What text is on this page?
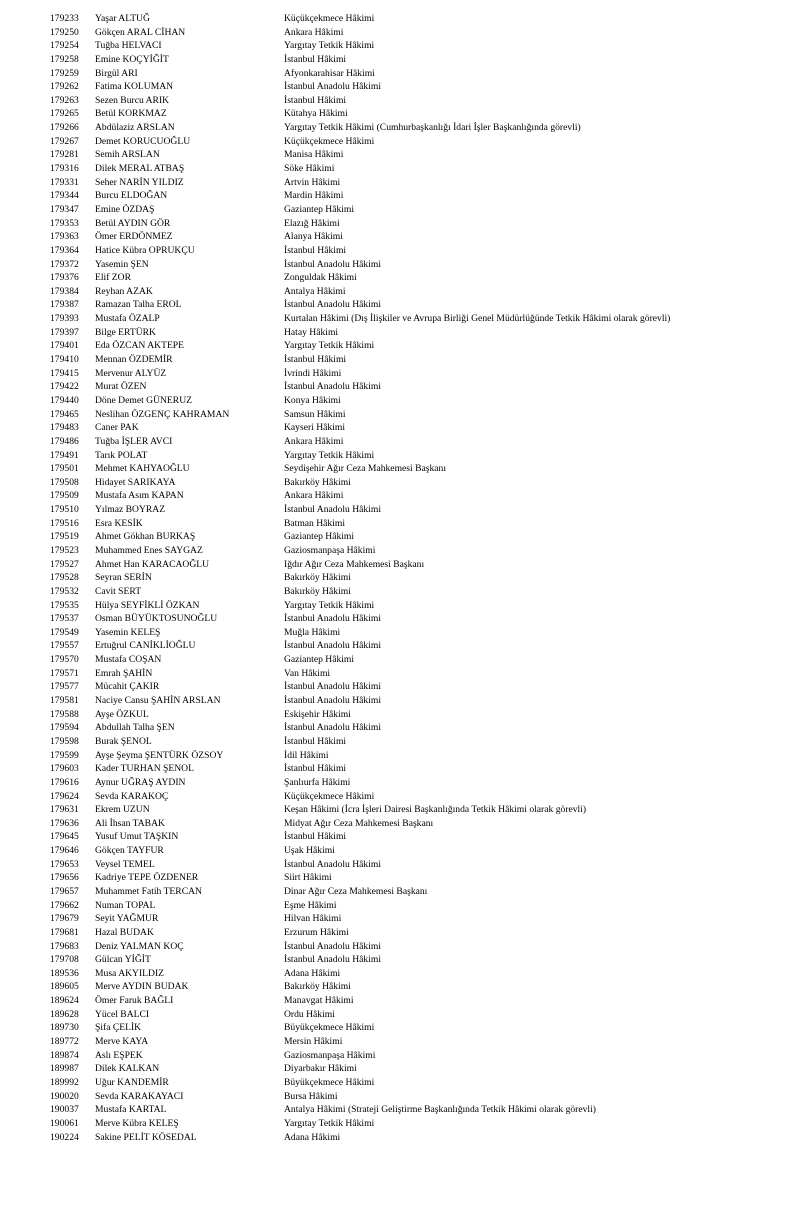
179233 Yaşar ALTUĞ	Küçükçekmece Hâkimi
179250 Gökçen ARAL CİHAN	Ankara Hâkimi
179254 Tuğba HELVACI	Yargıtay Tetkik Hâkimi
179258 Emine KOÇYİĞİT	İstanbul Hâkimi
179259 Birgül ARI	Afyonkarahisar Hâkimi
179262 Fatima KOLUMAN	İstanbul Anadolu Hâkimi
179263 Sezen Burcu ARIK	İstanbul Hâkimi
179265 Betül KORKMAZ	Kütahya Hâkimi
179266 Abdülaziz ARSLAN	Yargıtay Tetkik Hâkimi (Cumhurbaşkanlığı İdari İşler Başkanlığında görevli)
179267 Demet KORUCUOĞLU	Küçükçekmece Hâkimi
179281 Semih ARSLAN	Manisa Hâkimi
179316 Dilek MERAL ATBAŞ	Söke Hâkimi
179331 Seher NARİN YILDIZ	Artvin Hâkimi
179344 Burcu ELDOĞAN	Mardin Hâkimi
179347 Emine ÖZDAŞ	Gaziantep Hâkimi
179353 Betül AYDIN GÖR	Elazığ Hâkimi
179363 Ömer ERDÖNMEZ	Alanya Hâkimi
179364 Hatice Kübra OPRUKÇU	İstanbul Hâkimi
179372 Yasemin ŞEN	İstanbul Anadolu Hâkimi
179376 Elif ZOR	Zonguldak Hâkimi
179384 Reyhan AZAK	Antalya Hâkimi
179387 Ramazan Talha EROL	İstanbul Anadolu Hâkimi
179393 Mustafa ÖZALP	Kurtalan Hâkimi (Dış İlişkiler ve Avrupa Birliği Genel Müdürlüğünde Tetkik Hâkimi olarak görevli)
179397 Bilge ERTÜRK	Hatay Hâkimi
179401 Eda ÖZCAN AKTEPE	Yargıtay Tetkik Hâkimi
179410 Mennan ÖZDEMİR	İstanbul Hâkimi
179415 Mervenur ALYÜZ	İvrindi Hâkimi
179422 Murat ÖZEN	İstanbul Anadolu Hâkimi
179440 Döne Demet GÜNERUZ	Konya Hâkimi
179465 Neslihan ÖZGENÇ KAHRAMAN	Samsun Hâkimi
179483 Caner PAK	Kayseri Hâkimi
179486 Tuğba İŞLER AVCI	Ankara Hâkimi
179491 Tarık POLAT	Yargıtay Tetkik Hâkimi
179501 Mehmet KAHYAOĞLU	Seydişehir Ağır Ceza Mahkemesi Başkanı
179508 Hidayet SARIKAYA	Bakırköy Hâkimi
179509 Mustafa Asım KAPAN	Ankara Hâkimi
179510 Yılmaz BOYRAZ	İstanbul Anadolu Hâkimi
179516 Esra KESİK	Batman Hâkimi
179519 Ahmet Gökhan BURKAŞ	Gaziantep Hâkimi
179523 Muhammed Enes SAYGAZ	Gaziosmanpaşa Hâkimi
179527 Ahmet Han KARACAOĞLU	Iğdır Ağır Ceza Mahkemesi Başkanı
179528 Seyran SERİN	Bakırköy Hâkimi
179532 Cavit SERT	Bakırköy Hâkimi
179535 Hülya SEYFİKLİ ÖZKAN	Yargıtay Tetkik Hâkimi
179537 Osman BÜYÜKTOSUNOĞLU	İstanbul Anadolu Hâkimi
179549 Yasemin KELEŞ	Muğla Hâkimi
179557 Ertuğrul CANİKLİOĞLU	İstanbul Anadolu Hâkimi
179570 Mustafa COŞAN	Gaziantep Hâkimi
179571 Emrah ŞAHİN	Van Hâkimi
179577 Mücahit ÇAKIR	İstanbul Anadolu Hâkimi
179581 Naciye Cansu ŞAHİN ARSLAN	İstanbul Anadolu Hâkimi
179588 Ayşe ÖZKUL	Eskişehir Hâkimi
179594 Abdullah Talha ŞEN	İstanbul Anadolu Hâkimi
179598 Burak ŞENOL	İstanbul Hâkimi
179599 Ayşe Şeyma ŞENTÜRK ÖZSOY	İdil Hâkimi
179603 Kader TURHAN ŞENOL	İstanbul Hâkimi
179616 Aynur UĞRAŞ AYDIN	Şanlıurfa Hâkimi
179624 Sevda KARAKOÇ	Küçükçekmece Hâkimi
179631 Ekrem UZUN	Keşan Hâkimi (İcra İşleri Dairesi Başkanlığında Tetkik Hâkimi olarak görevli)
179636 Ali İhsan TABAK	Midyat Ağır Ceza Mahkemesi Başkanı
179645 Yusuf Umut TAŞKIN	İstanbul Hâkimi
179646 Gökçen TAYFUR	Uşak Hâkimi
179653 Veysel TEMEL	İstanbul Anadolu Hâkimi
179656 Kadriye TEPE ÖZDENER	Siirt Hâkimi
179657 Muhammet Fatih TERCAN	Dinar Ağır Ceza Mahkemesi Başkanı
179662 Numan TOPAL	Eşme Hâkimi
179679 Seyit YAĞMUR	Hilvan Hâkimi
179681 Hazal BUDAK	Erzurum Hâkimi
179683 Deniz YALMAN KOÇ	İstanbul Anadolu Hâkimi
179708 Gülcan YİĞİT	İstanbul Anadolu Hâkimi
189536 Musa AKYILDIZ	Adana Hâkimi
189605 Merve AYDIN BUDAK	Bakırköy Hâkimi
189624 Ömer Faruk BAĞLI	Manavgat Hâkimi
189628 Yücel BALCI	Ordu Hâkimi
189730 Şifa ÇELİK	Büyükçekmece Hâkimi
189772 Merve KAYA	Mersin Hâkimi
189874 Aslı EŞPEK	Gaziosmanpaşa Hâkimi
189987 Dilek KALKAN	Diyarbakır Hâkimi
189992 Uğur KANDEMİR	Büyükçekmece Hâkimi
190020 Sevda KARAKAYACI	Bursa Hâkimi
190037 Mustafa KARTAL	Antalya Hâkimi (Strateji Geliştirme Başkanlığında Tetkik Hâkimi olarak görevli)
190061 Merve Kübra KELEŞ	Yargıtay Tetkik Hâkimi
190224 Sakine PELİT KÖSEDAL	Adana Hâkimi
